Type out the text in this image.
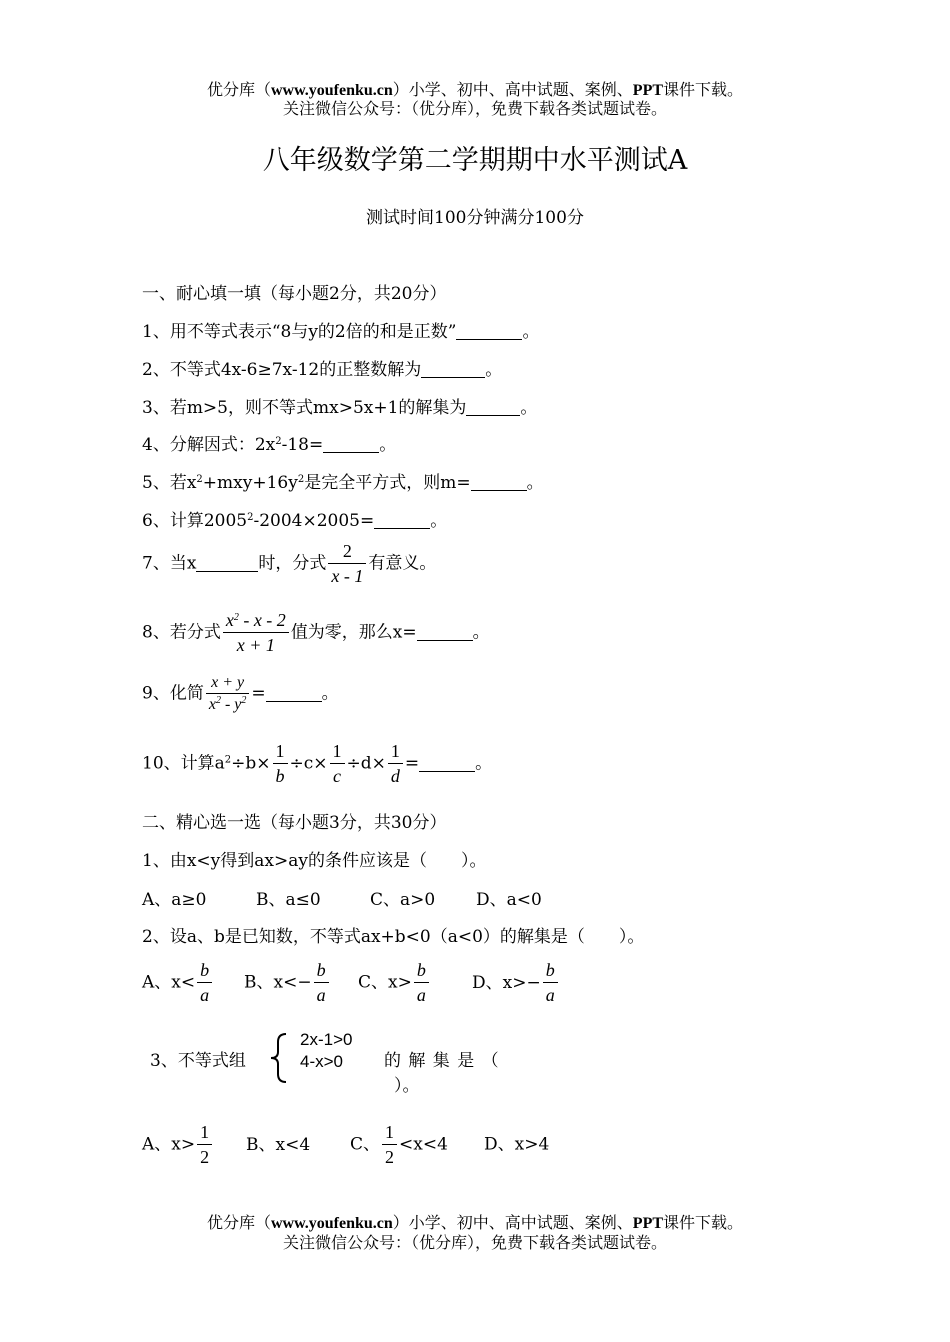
优分库（www.youfenku.cn）小学、初中、高中试题、案例、PPT课件下载。
关注微信公众号：（优分库），免费下载各类试题试卷。
八年级数学第二学期期中水平测试A
测试时间100分钟满分100分
一、耐心填一填（每小题2分，共20分）
1、用不等式表示“8与y的2倍的和是正数”	。
2、不等式4x-6≥7x-12的正整数解为	。
3、若m>5，则不等式mx>5x+1的解集为	。
4、分解因式：$2x^2-18=$	。
5、若$x^2+mxy+16y^2$是完全平方式，则m=	。
6、计算$2005^2-2004\times 2005=$	。
7、当x	时，分式 $\frac{2}{x - 1}$ 有意义。
8、若分式 $\frac{x^2 - x - 2}{x + 1}$ 值为零，那么x=	。
9、化简 $\frac{x + y}{x^2 - y^2}$ =	。
10、计算$a^2\div b\times \frac{1}{b} \div c\times \frac{1}{c} \div d\times \frac{1}{d}$ =	。
二、精心选一选（每小题3分，共30分）
1、由x<y得到ax>ay的条件应该是（　　）。
A、a≥0	B、a≤0	C、a>0 D、a<0
2、设a、b是已知数，不等式ax+b<0（a<0）的解集是（　　）。
A、$x< \frac{b}{a}$ B、$x<- \frac{b}{a}$ C、$x> \frac{b}{a}$	D、$x>- \frac{b}{a}$
3、不等式组
2x-1>0
4-x>0 的 解 集 是 （
）。
A、$x> \frac{1}{2}$ B、x<4 C、 $\frac{1}{2} <x<4$ D、x>4
优分库（www.youfenku.cn）小学、初中、高中试题、案例、PPT课件下载。
关注微信公众号：（优分库），免费下载各类试题试卷。
